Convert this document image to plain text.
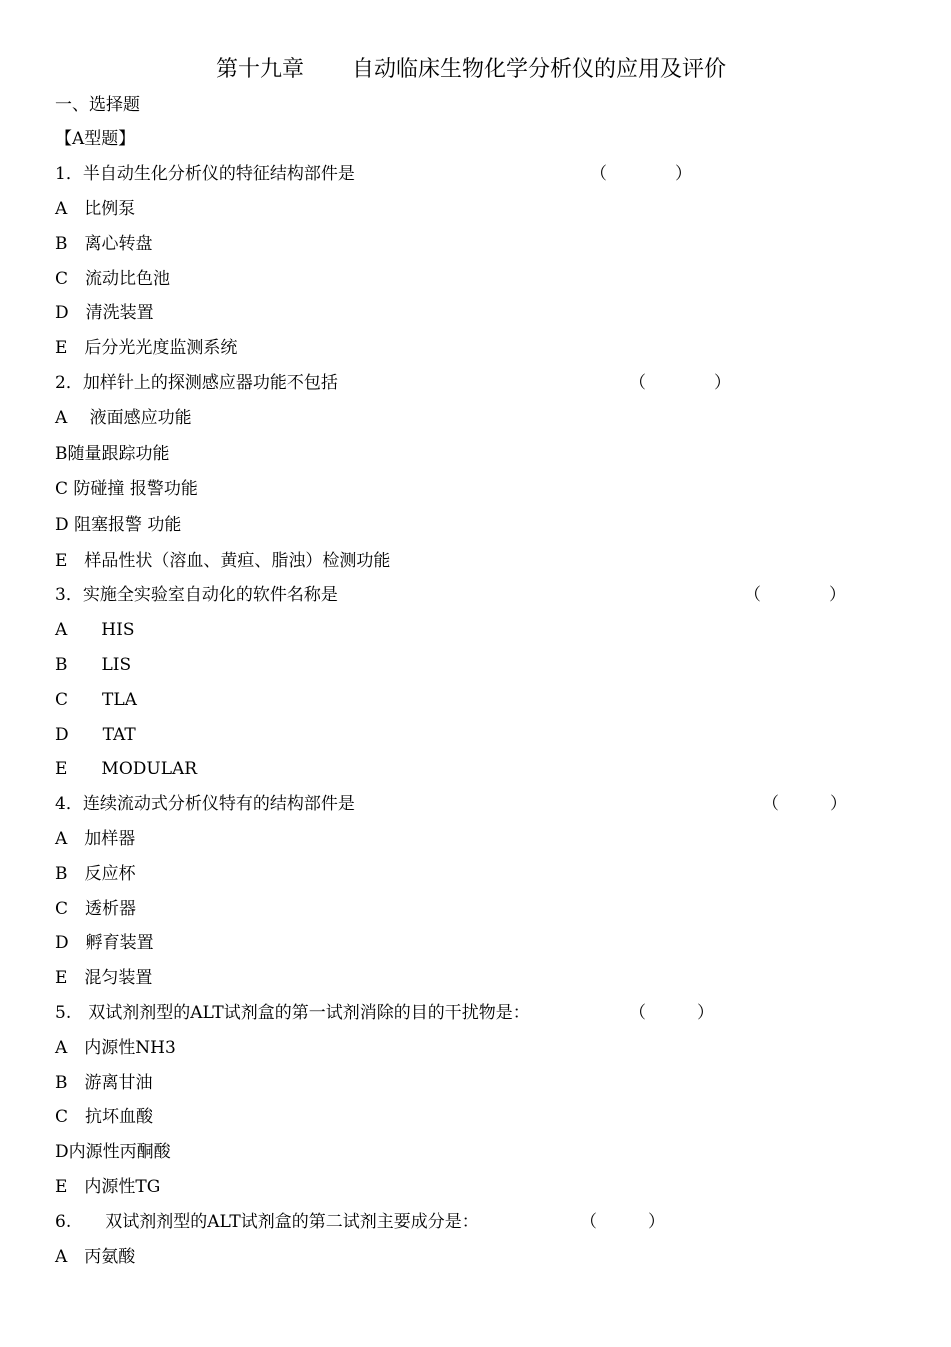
第十九章 自动临床生物化学分析仪的应用及评价
一、选择题
【A型题】
1．半自动生化分析仪的特征结构部件是	（　　　　）
A　比例泵
B　离心转盘
C　流动比色池
D　清洗装置
E　后分光光度监测系统
2．加样针上的探测感应器功能不包括	（　　　　）
A　 液面感应功能
B随量跟踪功能
C 防碰撞 报警功能
D 阻塞报警 功能
E　样品性状（溶血、黄疸、脂浊）检测功能
3．实施全实验室自动化的软件名称是	（　　　　）
A　　HIS
B　　LIS
C　　TLA
D　　TAT
E　　MODULAR
4．连续流动式分析仪特有的结构部件是	（　　　）
A　加样器
B　反应杯
C　透析器
D　孵育装置
E　混匀装置
5.　双试剂剂型的ALT试剂盒的第一试剂消除的目的干扰物是：	（　　　）
A　内源性NH3
B　游离甘油
C　抗坏血酸
D内源性丙酮酸
E　内源性TG
6.　　双试剂剂型的ALT试剂盒的第二试剂主要成分是：	（　　　）
A　丙氨酸
